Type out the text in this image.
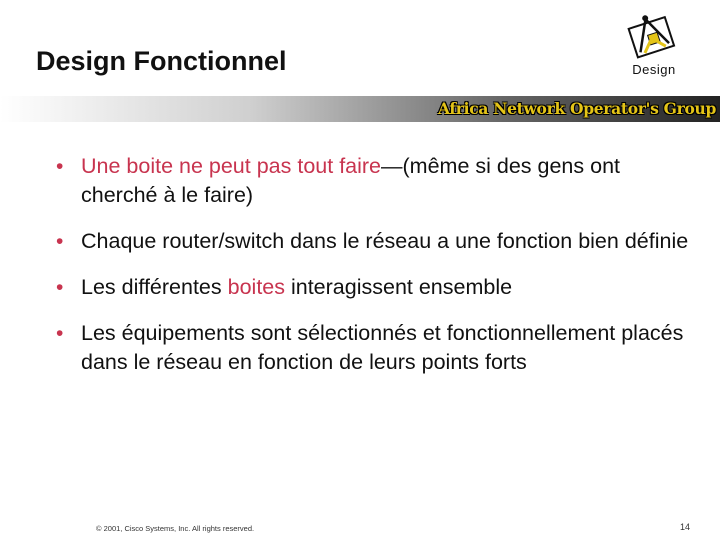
Design Fonctionnel	Design
Africa Network Operator's Group
• Une boite ne peut pas tout faire—(même si des gens ont cherché à le faire)
• Chaque router/switch dans le réseau a une fonction bien définie
• Les différentes boites interagissent ensemble
• Les équipements sont sélectionnés et fonctionnellement placés dans le réseau en fonction de leurs points forts
© 2001, Cisco Systems, Inc. All rights reserved.	14
